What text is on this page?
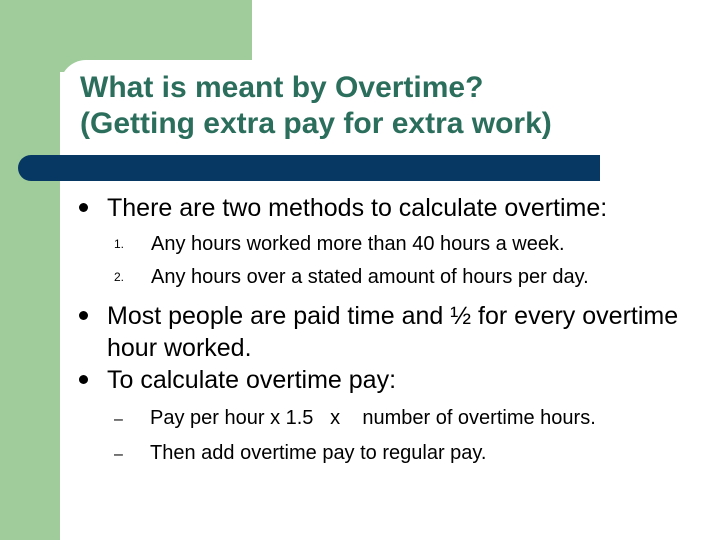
What is meant by Overtime?
(Getting extra pay for extra work)
There are two methods to calculate overtime:
1.	Any hours worked more than 40 hours a week.
2.	Any hours over a stated amount of hours per day.
Most people are paid time and ½ for every overtime hour worked.
To calculate overtime pay:
–	Pay per hour x 1.5   x    number of overtime hours.
–	Then add overtime pay to regular pay.
